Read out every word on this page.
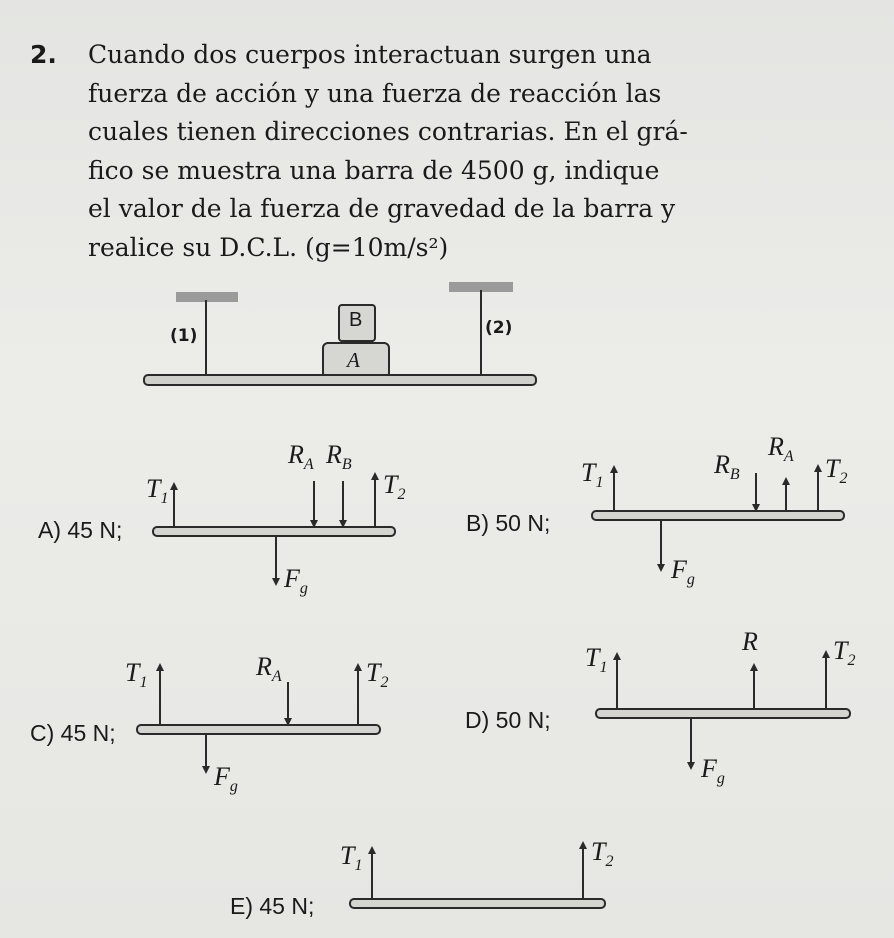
2. Cuando dos cuerpos interactuan surgen una
fuerza de acción y una fuerza de reacción las
cuales tienen direcciones contrarias. En el grá-
fico se muestra una barra de 4500 g, indique
el valor de la fuerza de gravedad de la barra y
realice su D.C.L. (g=10m/s²)
(1)	(2)
B
A
A) 45 N;
$R_A$ $R_B$
$T_1$	$T_2$
$F_g$
B) 50 N;
$T_1$
$R_B$
$R_A$ $T_2$
$F_g$
C) 45 N;
$T_1$
$R_A$	$T_2$
$F_g$
D) 50 N;
$T_1$
R	$T_2$
$F_g$
E) 45 N;
$T_1$	$T_2$
